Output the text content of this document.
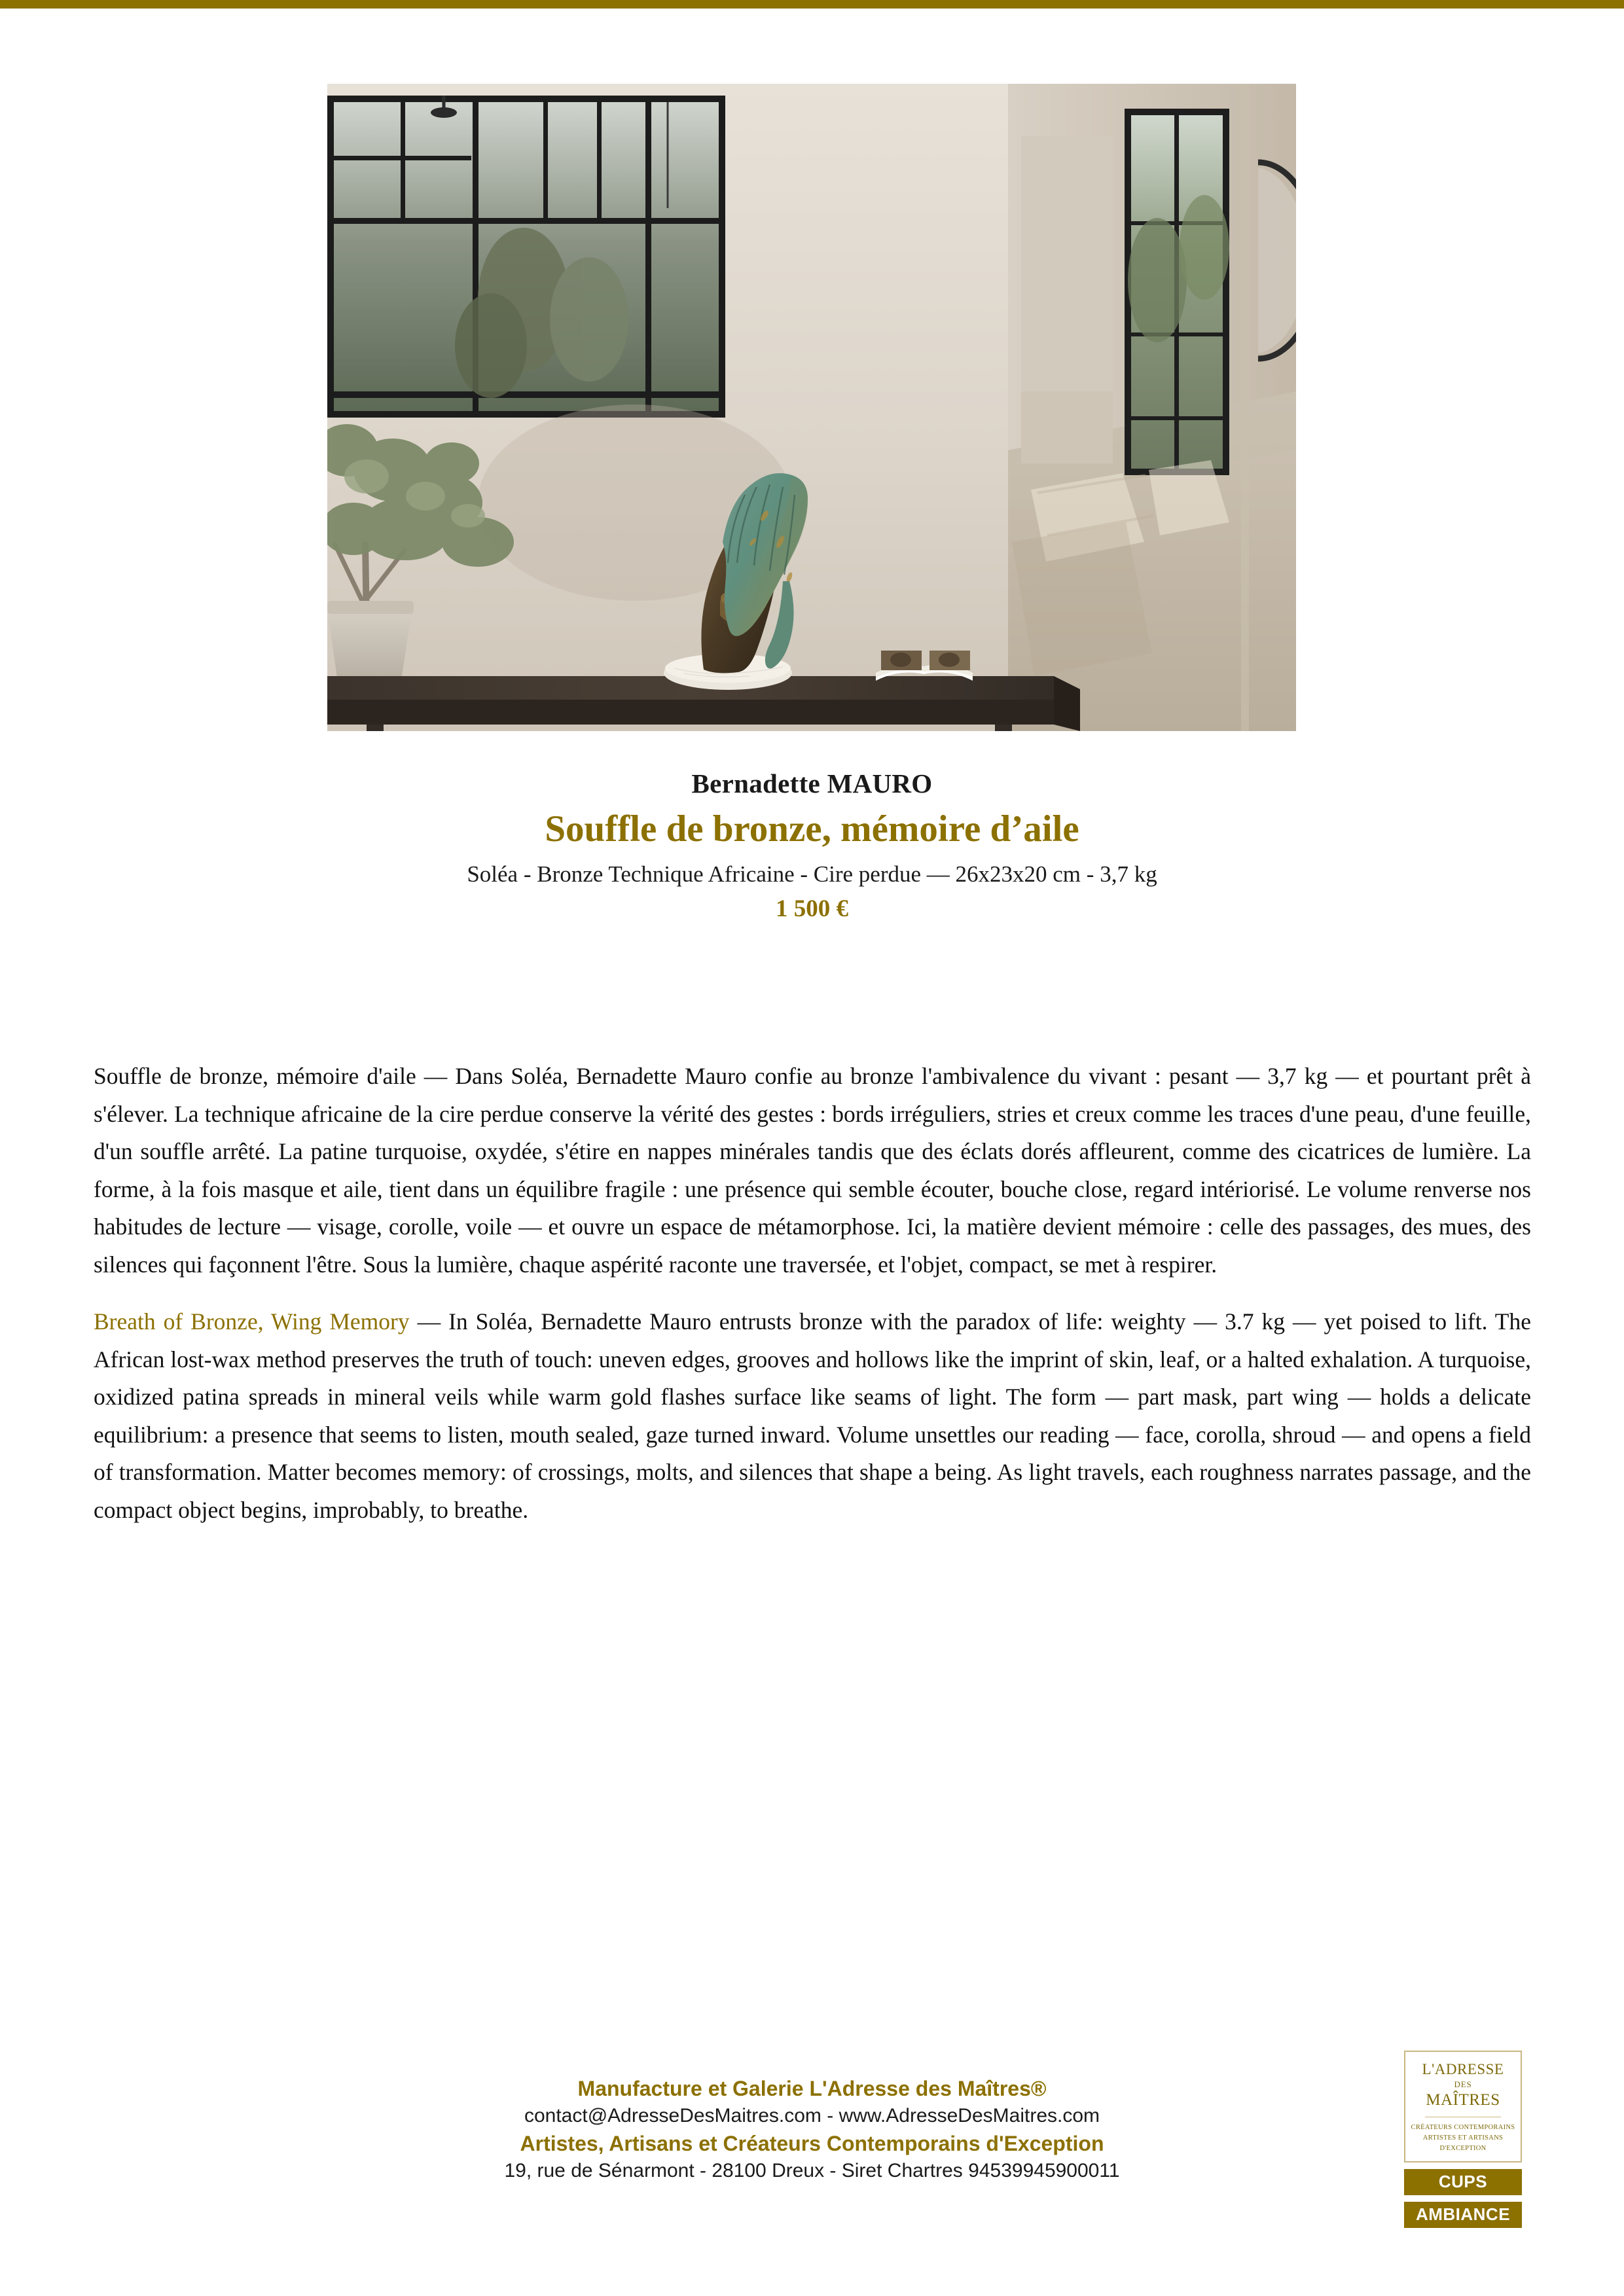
Bernadette MAURO
Souffle de bronze, mémoire d’aile
Soléa - Bronze Technique Africaine - Cire perdue — 26x23x20 cm - 3,7 kg
1 500 €

Souffle de bronze, mémoire d'aile — Dans Soléa, Bernadette Mauro confie au bronze l'ambivalence du vivant : pesant — 3,7 kg — et pourtant prêt à s'élever. La technique africaine de la cire perdue conserve la vérité des gestes : bords irréguliers, stries et creux comme les traces d'une peau, d'une feuille, d'un souffle arrêté. La patine turquoise, oxydée, s'étire en nappes minérales tandis que des éclats dorés affleurent, comme des cicatrices de lumière. La forme, à la fois masque et aile, tient dans un équilibre fragile : une présence qui semble écouter, bouche close, regard intériorisé. Le volume renverse nos habitudes de lecture — visage, corolle, voile — et ouvre un espace de métamorphose. Ici, la matière devient mémoire : celle des passages, des mues, des silences qui façonnent l'être. Sous la lumière, chaque aspérité raconte une traversée, et l'objet, compact, se met à respirer.

Breath of Bronze, Wing Memory — In Soléa, Bernadette Mauro entrusts bronze with the paradox of life: weighty — 3.7 kg — yet poised to lift. The African lost-wax method preserves the truth of touch: uneven edges, grooves and hollows like the imprint of skin, leaf, or a halted exhalation. A turquoise, oxidized patina spreads in mineral veils while warm gold flashes surface like seams of light. The form — part mask, part wing — holds a delicate equilibrium: a presence that seems to listen, mouth sealed, gaze turned inward. Volume unsettles our reading — face, corolla, shroud — and opens a field of transformation. Matter becomes memory: of crossings, molts, and silences that shape a being. As light travels, each roughness narrates passage, and the compact object begins, improbably, to breathe.

Manufacture et Galerie L'Adresse des Maîtres®
contact@AdresseDesMaitres.com - www.AdresseDesMaitres.com
Artistes, Artisans et Créateurs Contemporains d'Exception
19, rue de Sénarmont - 28100 Dreux - Siret Chartres 94539945900011
L'ADRESSE
DES
MAÎTRES
CRÉATEURS CONTEMPORAINS
ARTISTES ET ARTISANS
D'EXCEPTION
CUPS
AMBIANCE
